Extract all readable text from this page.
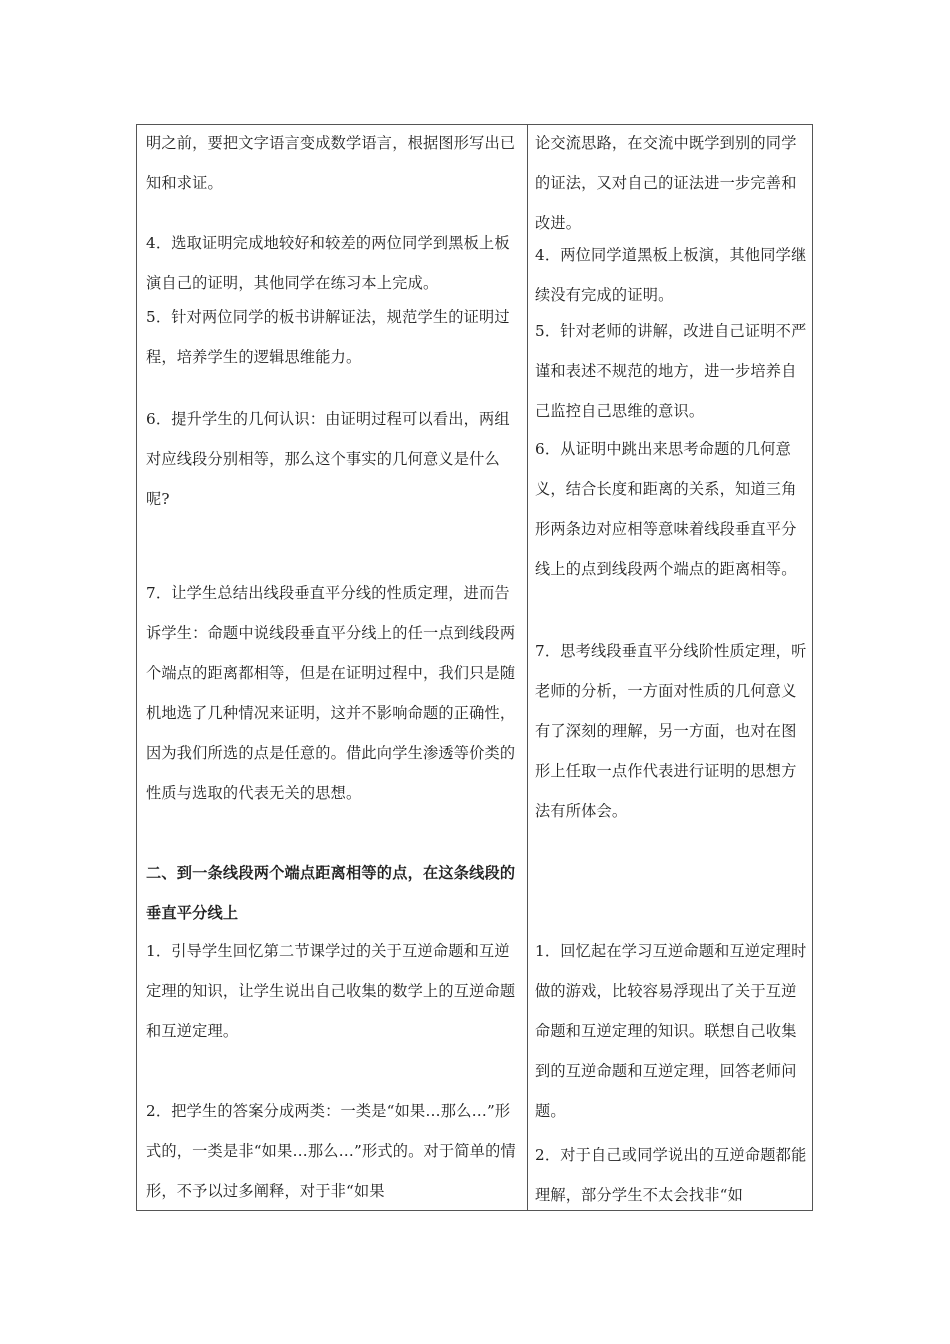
明之前，要把文字语言变成数学语言，根据图形写出已知和求证。

4．选取证明完成地较好和较差的两位同学到黑板上板演自己的证明，其他同学在练习本上完成。

5．针对两位同学的板书讲解证法，规范学生的证明过程，培养学生的逻辑思维能力。

6．提升学生的几何认识：由证明过程可以看出，两组对应线段分别相等，那么这个事实的几何意义是什么呢?

7．让学生总结出线段垂直平分线的性质定理，进而告诉学生：命题中说线段垂直平分线上的任一点到线段两个端点的距离都相等，但是在证明过程中，我们只是随机地选了几种情况来证明，这并不影响命题的正确性，因为我们所选的点是任意的。借此向学生渗透等价类的性质与选取的代表无关的思想。

二、到一条线段两个端点距离相等的点，在这条线段的垂直平分线上

1．引导学生回忆第二节课学过的关于互逆命题和互逆定理的知识，让学生说出自己收集的数学上的互逆命题和互逆定理。

2．把学生的答案分成两类：一类是“如果…那么…”形式的，一类是非“如果…那么…”形式的。对于简单的情形，不予以过多阐释，对于非“如果

论交流思路，在交流中既学到别的同学的证法，又对自己的证法进一步完善和改进。

4．两位同学道黑板上板演，其他同学继续没有完成的证明。

5．针对老师的讲解，改进自己证明不严谨和表述不规范的地方，进一步培养自己监控自己思维的意识。

6．从证明中跳出来思考命题的几何意义，结合长度和距离的关系，知道三角形两条边对应相等意味着线段垂直平分线上的点到线段两个端点的距离相等。

7．思考线段垂直平分线阶性质定理，听老师的分析，一方面对性质的几何意义有了深刻的理解，另一方面，也对在图形上任取一点作代表进行证明的思想方法有所体会。

1．回忆起在学习互逆命题和互逆定理时做的游戏，比较容易浮现出了关于互逆命题和互逆定理的知识。联想自己收集到的互逆命题和互逆定理，回答老师问题。

2．对于自己或同学说出的互逆命题都能理解，部分学生不太会找非“如
